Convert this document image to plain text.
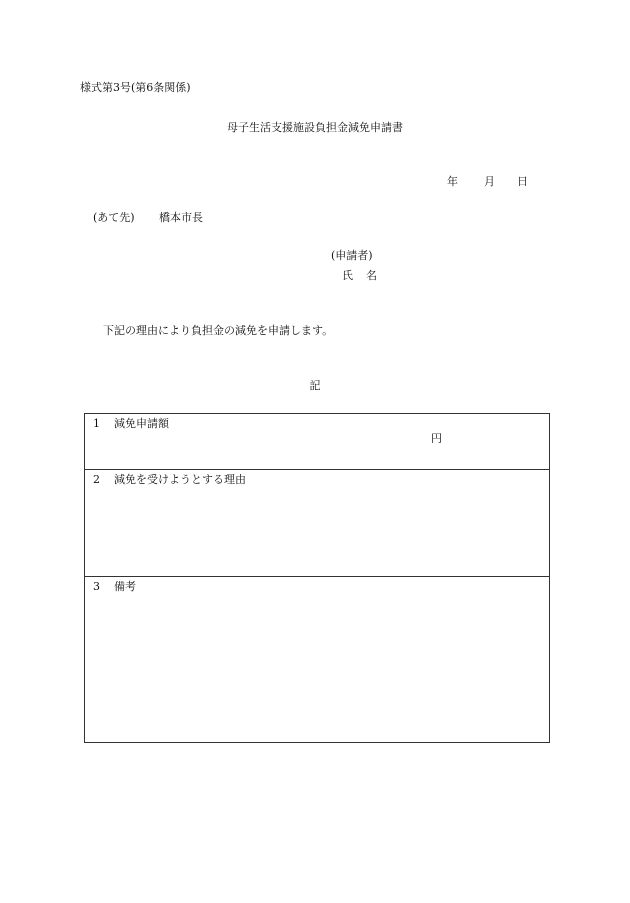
様式第3号(第6条関係)
母子生活支援施設負担金減免申請書
年 月 日
(あて先) 橋本市長
(申請者)
氏 名
下記の理由により負担金の減免を申請します。
記
1 減免申請額
円
2 減免を受けようとする理由
3 備考
